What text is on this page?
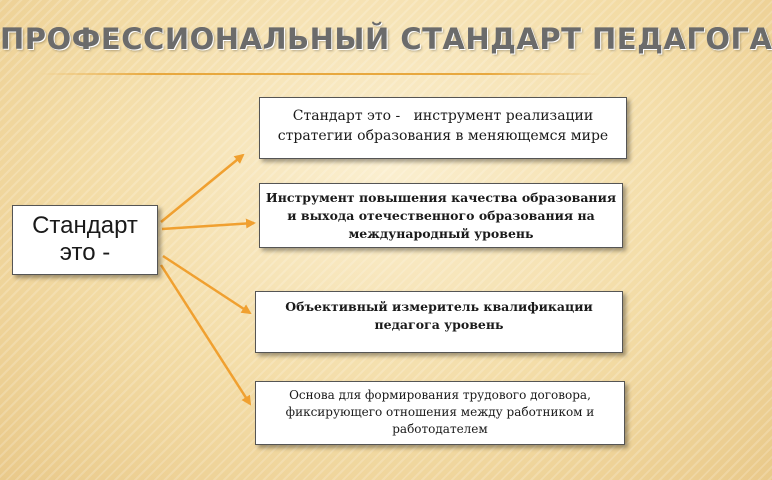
ПРОФЕССИОНАЛЬНЫЙ СТАНДАРТ ПЕДАГОГА
Стандарт это -
Стандарт это -   инструмент реализации стратегии образования в меняющемся мире
Инструмент повышения качества образования и выхода отечественного образования на международный уровень
Объективный измеритель квалификации педагога уровень
Основа для формирования трудового договора, фиксирующего отношения между работником и работодателем
